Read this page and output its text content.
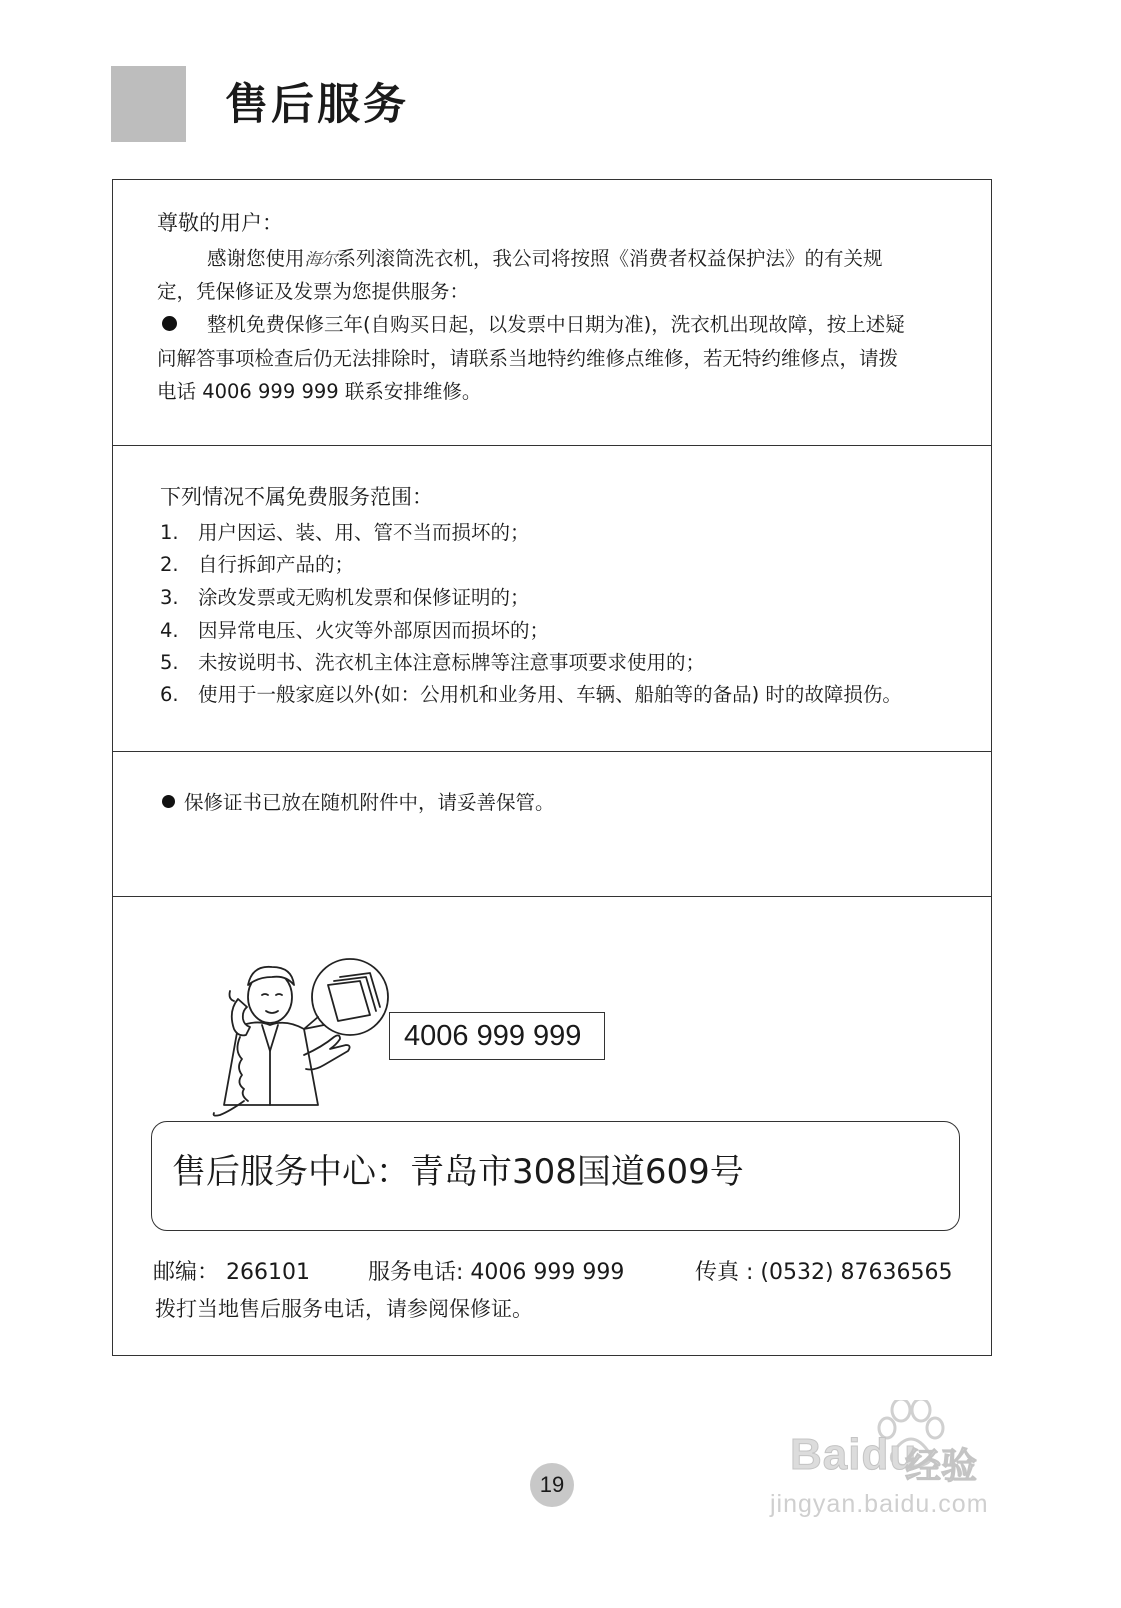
售后服务
尊敬的用户：
感谢您使用海尔系列滚筒洗衣机，我公司将按照《消费者权益保护法》的有关规
定，凭保修证及发票为您提供服务：
整机免费保修三年(自购买日起，以发票中日期为准)，洗衣机出现故障，按上述疑
问解答事项检查后仍无法排除时，请联系当地特约维修点维修，若无特约维修点，请拨
电话 4006 999 999 联系安排维修。
下列情况不属免费服务范围：
1. 用户因运、装、用、管不当而损坏的；
2. 自行拆卸产品的；
3. 涂改发票或无购机发票和保修证明的；
4. 因异常电压、火灾等外部原因而损坏的；
5. 未按说明书、洗衣机主体注意标牌等注意事项要求使用的；
6. 使用于一般家庭以外(如：公用机和业务用、车辆、船舶等的备品) 时的故障损伤。
保修证书已放在随机附件中，请妥善保管。
4006 999 999
售后服务中心：青岛市308国道609号
邮编： 266101	服务电话: 4006 999 999	传真 : (0532) 87636565
拨打当地售后服务电话，请参阅保修证。
19
Baidu
经验
jingyan.baidu.com
